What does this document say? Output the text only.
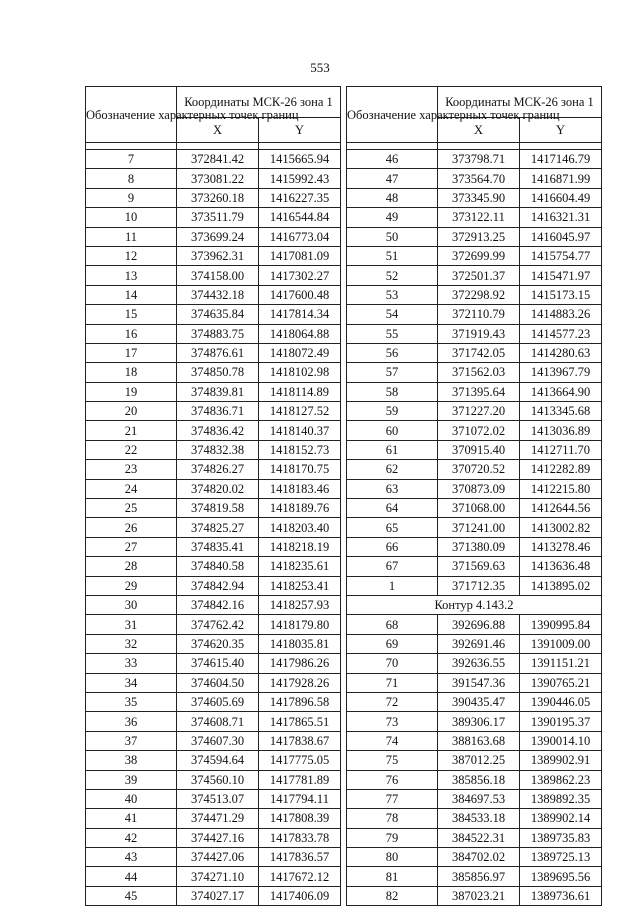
553
Обозначение характерных точек границ	Координаты МСК-26 зона 1	
	X	Y

7	372841.42	1415665.94
8	373081.22	1415992.43
9	373260.18	1416227.35
10	373511.79	1416544.84
11	373699.24	1416773.04
12	373962.31	1417081.09
13	374158.00	1417302.27
14	374432.18	1417600.48
15	374635.84	1417814.34
16	374883.75	1418064.88
17	374876.61	1418072.49
18	374850.78	1418102.98
19	374839.81	1418114.89
20	374836.71	1418127.52
21	374836.42	1418140.37
22	374832.38	1418152.73
23	374826.27	1418170.75
24	374820.02	1418183.46
25	374819.58	1418189.76
26	374825.27	1418203.40
27	374835.41	1418218.19
28	374840.58	1418235.61
29	374842.94	1418253.41
30	374842.16	1418257.93
31	374762.42	1418179.80
32	374620.35	1418035.81
33	374615.40	1417986.26
34	374604.50	1417928.26
35	374605.69	1417896.58
36	374608.71	1417865.51
37	374607.30	1417838.67
38	374594.64	1417775.05
39	374560.10	1417781.89
40	374513.07	1417794.11
41	374471.29	1417808.39
42	374427.16	1417833.78
43	374427.06	1417836.57
44	374271.10	1417672.12
45	374027.17	1417406.09
Обозначение характерных точек границ	Координаты МСК-26 зона 1	
	X	Y

46	373798.71	1417146.79
47	373564.70	1416871.99
48	373345.90	1416604.49
49	373122.11	1416321.31
50	372913.25	1416045.97
51	372699.99	1415754.77
52	372501.37	1415471.97
53	372298.92	1415173.15
54	372110.79	1414883.26
55	371919.43	1414577.23
56	371742.05	1414280.63
57	371562.03	1413967.79
58	371395.64	1413664.90
59	371227.20	1413345.68
60	371072.02	1413036.89
61	370915.40	1412711.70
62	370720.52	1412282.89
63	370873.09	1412215.80
64	371068.00	1412644.56
65	371241.00	1413002.82
66	371380.09	1413278.46
67	371569.63	1413636.48
1	371712.35	1413895.02
Контур 4.143.2		
68	392696.88	1390995.84
69	392691.46	1391009.00
70	392636.55	1391151.21
71	391547.36	1390765.21
72	390435.47	1390446.05
73	389306.17	1390195.37
74	388163.68	1390014.10
75	387012.25	1389902.91
76	385856.18	1389862.23
77	384697.53	1389892.35
78	384533.18	1389902.14
79	384522.31	1389735.83
80	384702.02	1389725.13
81	385856.97	1389695.56
82	387023.21	1389736.61
